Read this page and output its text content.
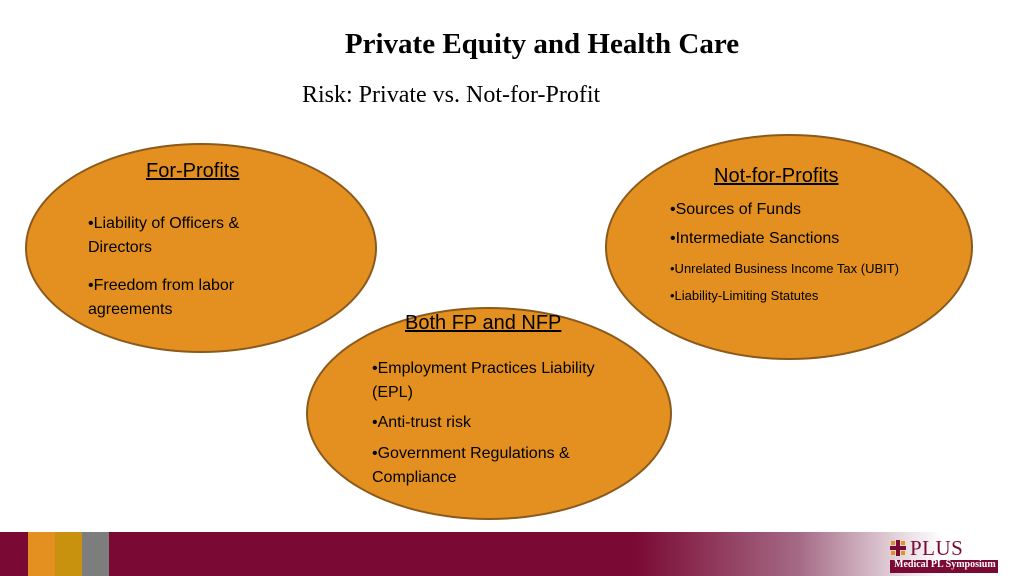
Private Equity and Health Care
Risk: Private vs. Not-for-Profit
For-Profits
•Liability of Officers & Directors
•Freedom from labor agreements
Not-for-Profits
•Sources of Funds
•Intermediate Sanctions
•Unrelated Business Income Tax (UBIT)
•Liability-Limiting Statutes
Both FP and NFP
•Employment Practices Liability (EPL)
•Anti-trust risk
•Government Regulations & Compliance
PLUS
Medical PL Symposium
